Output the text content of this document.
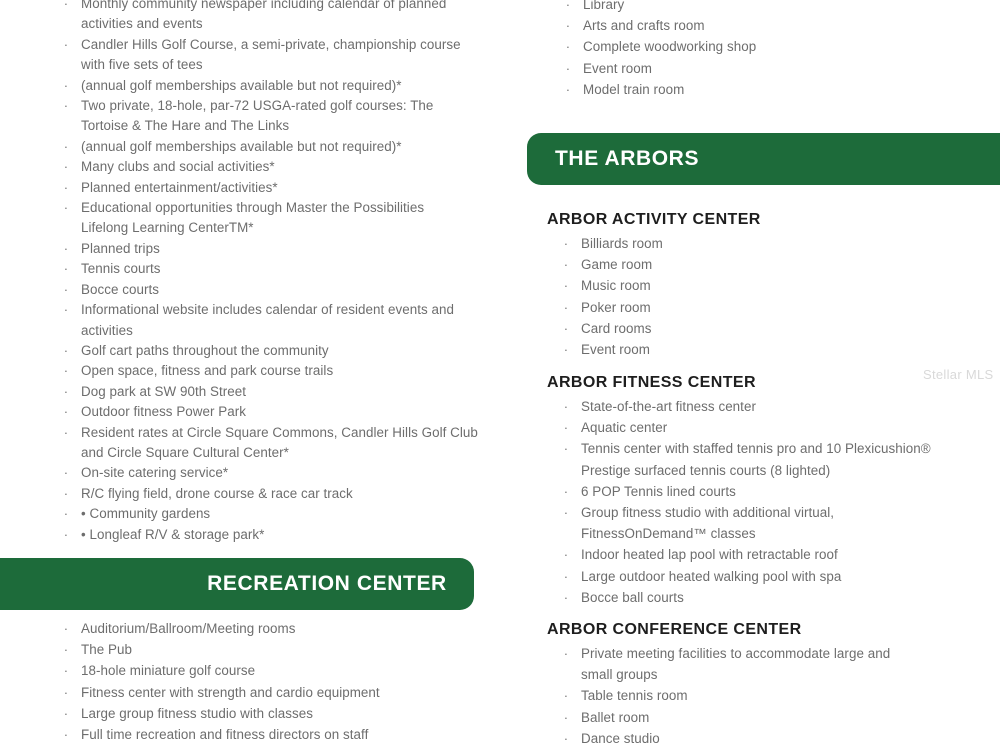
· Monthly community newspaper including calendar of planned
activities and events
· Candler Hills Golf Course, a semi-private, championship course
with five sets of tees
· (annual golf memberships available but not required)*
· Two private, 18-hole, par-72 USGA-rated golf courses: The
Tortoise & The Hare and The Links
· (annual golf memberships available but not required)*
· Many clubs and social activities*
· Planned entertainment/activities*
· Educational opportunities through Master the Possibilities
Lifelong Learning CenterTM*
· Planned trips
· Tennis courts
· Bocce courts
· Informational website includes calendar of resident events and
activities
· Golf cart paths throughout the community
· Open space, fitness and park course trails
· Dog park at SW 90th Street
· Outdoor fitness Power Park
· Resident rates at Circle Square Commons, Candler Hills Golf Club
and Circle Square Cultural Center*
· On-site catering service*
· R/C flying field, drone course & race car track
· • Community gardens
· • Longleaf R/V & storage park*
· Library
· Arts and crafts room
· Complete woodworking shop
· Event room
· Model train room
RECREATION CENTER
· Auditorium/Ballroom/Meeting rooms
· The Pub
· 18-hole miniature golf course
· Fitness center with strength and cardio equipment
· Large group fitness studio with classes
· Full time recreation and fitness directors on staff
THE ARBORS
ARBOR ACTIVITY CENTER
· Billiards room
· Game room
· Music room
· Poker room
· Card rooms
· Event room
ARBOR FITNESS CENTER
· State-of-the-art fitness center
· Aquatic center
· Tennis center with staffed tennis pro and 10 Plexicushion®
Prestige surfaced tennis courts (8 lighted)
· 6 POP Tennis lined courts
· Group fitness studio with additional virtual,
FitnessOnDemand™ classes
· Indoor heated lap pool with retractable roof
· Large outdoor heated walking pool with spa
· Bocce ball courts
ARBOR CONFERENCE CENTER
· Private meeting facilities to accommodate large and
small groups
· Table tennis room
· Ballet room
· Dance studio
Stellar MLS
